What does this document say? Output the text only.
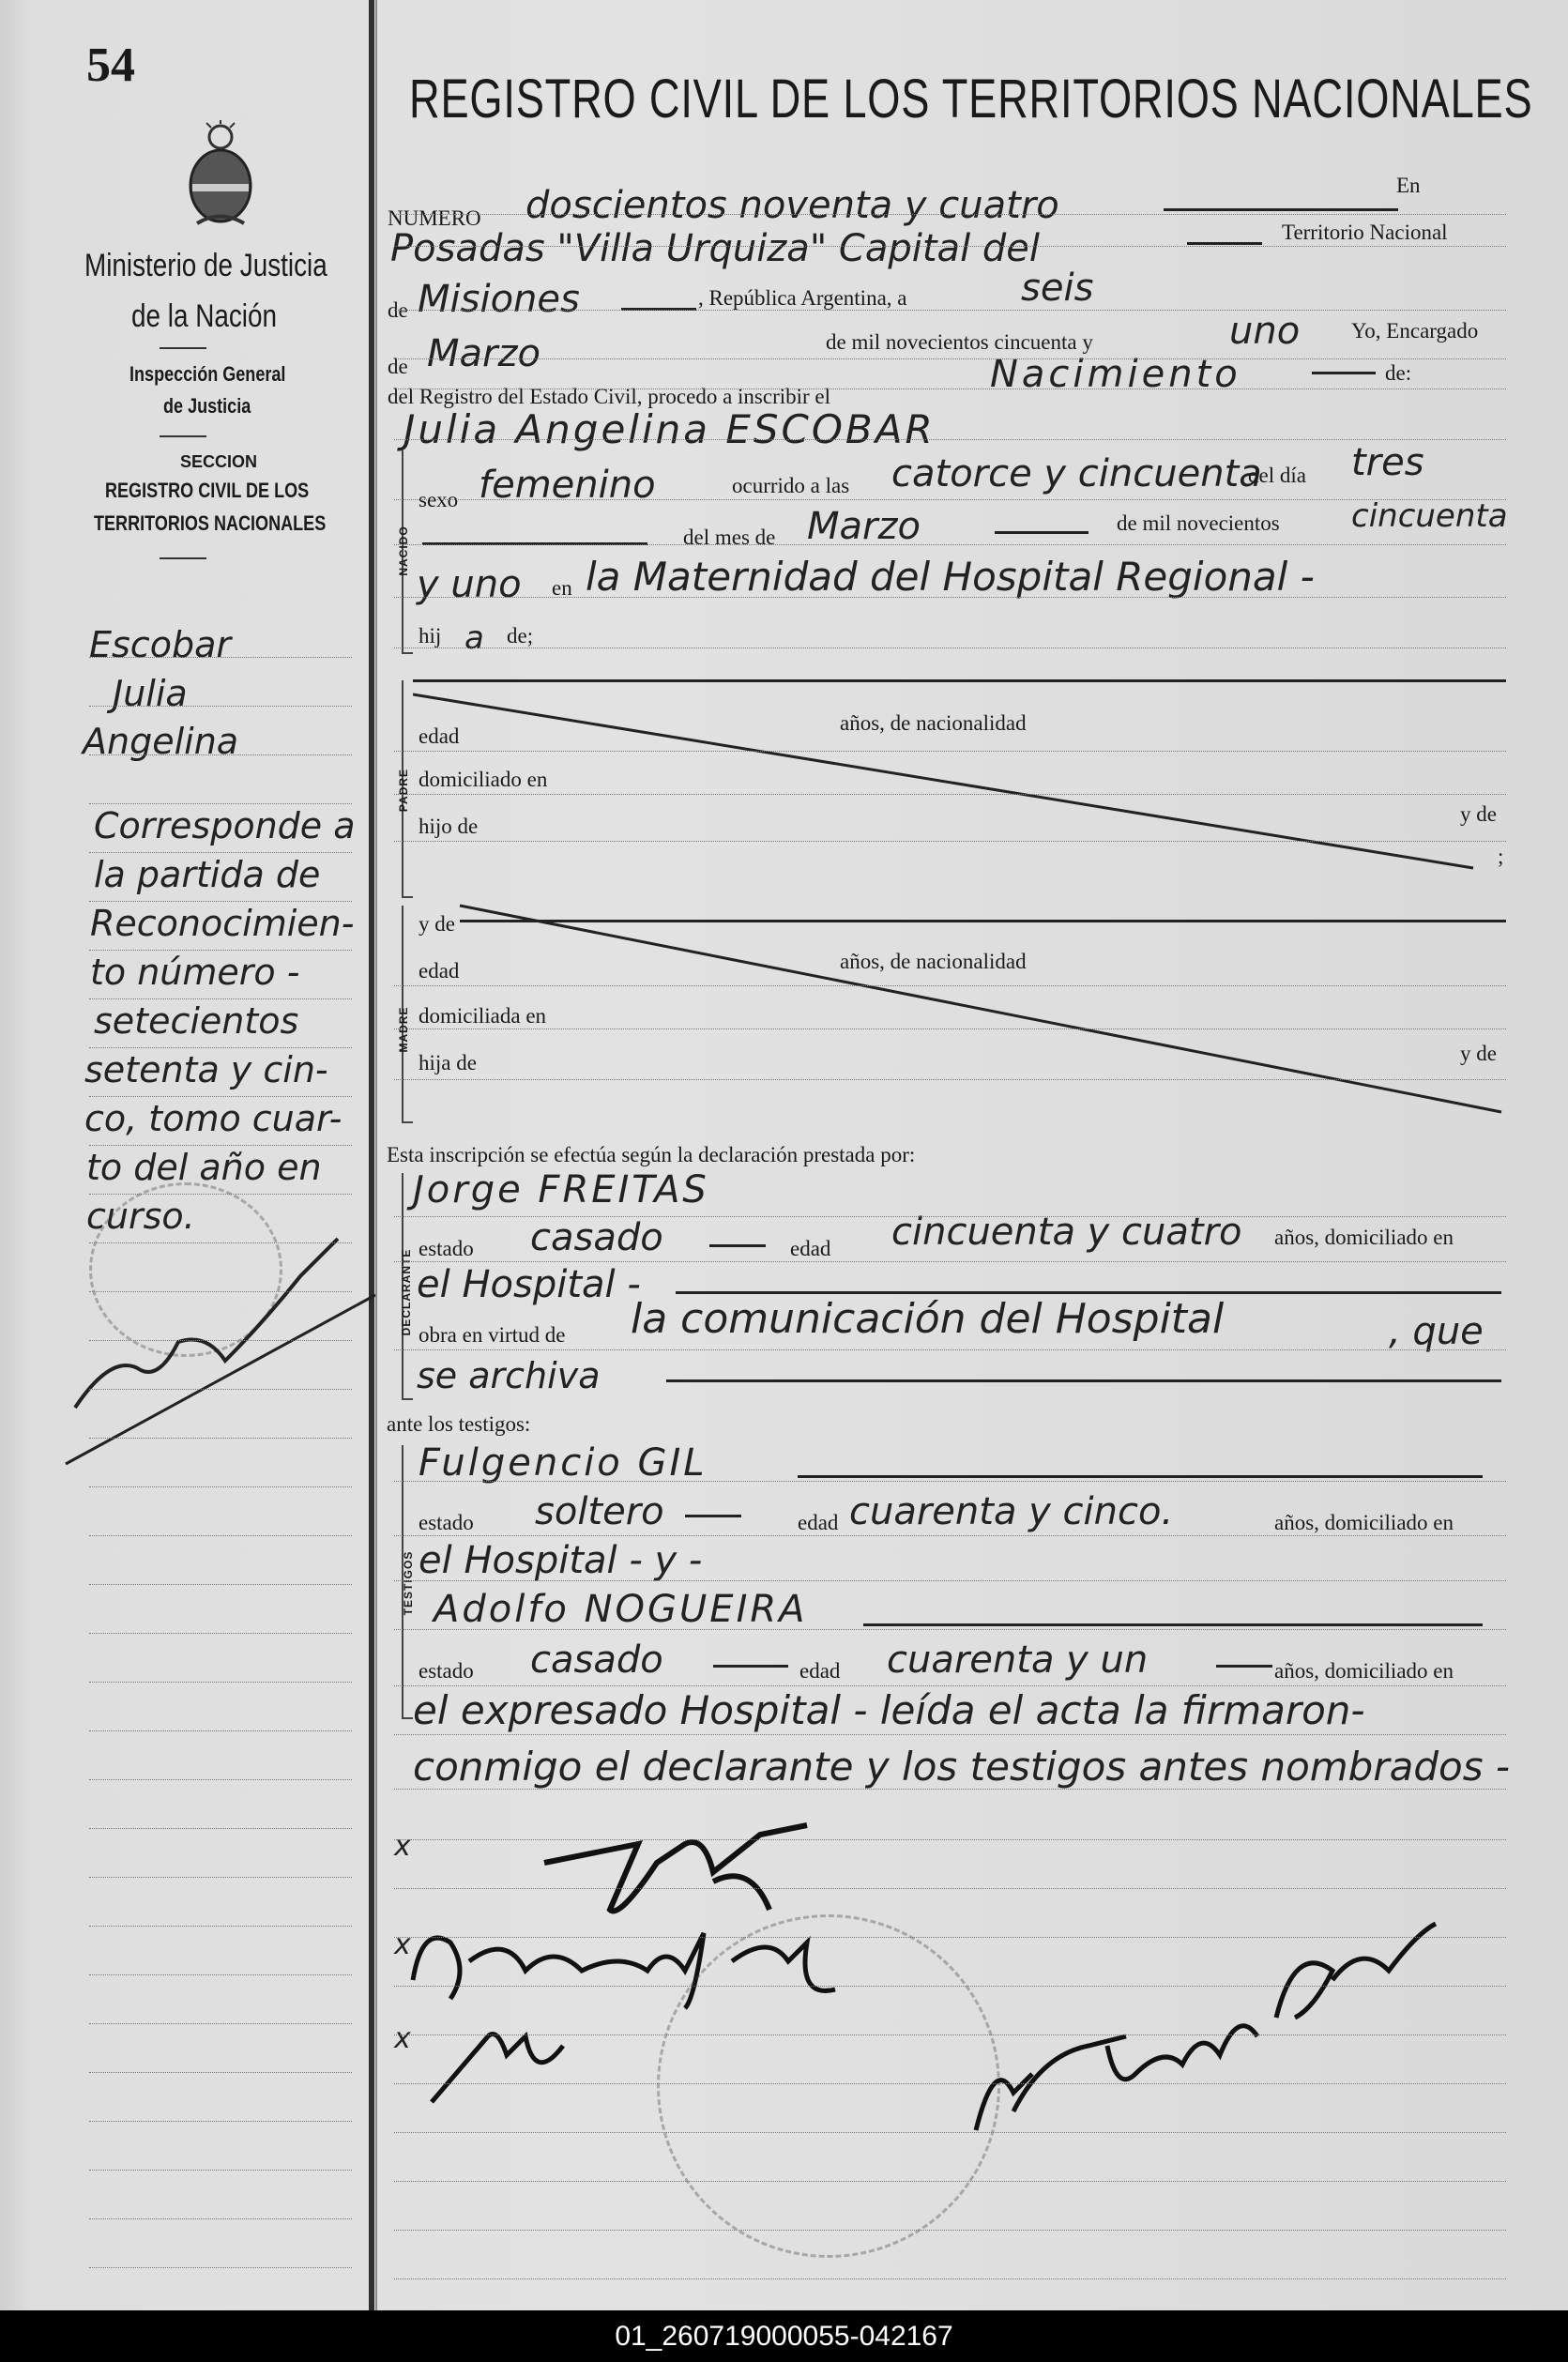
54
Ministerio de Justicia
de la Nación
Inspección General
de Justicia
SECCION
REGISTRO CIVIL DE LOS
TERRITORIOS NACIONALES
Escobar
Julia
Angelina
Corresponde a
la partida de
Reconocimien-
to número -
setecientos
setenta y cin-
co, tomo cuar-
to del año en
curso.
REGISTRO CIVIL DE LOS TERRITORIOS NACIONALES
NUMERO doscientos noventa y cuatro	En
Posadas "Villa Urquiza" Capital del	Territorio Nacional
de Misiones	, República Argentina, a	seis
de Marzo	de mil novecientos cincuenta y	uno Yo, Encargado
del Registro del Estado Civil, procedo a inscribir el
Nacimiento	de:
Julia Angelina ESCOBAR
NACIDO
sexo femenino	ocurrido a las catorce y cincuenta
del día tres
del mes de Marzo	de mil novecientos cincuenta
y uno en la Maternidad del Hospital Regional -
hij a de;
PADRE
edad
años, de nacionalidad
domiciliado en
hijo de
y de
;
MADRE
y de
edad	años, de nacionalidad
domiciliada en
hija de	y de
Esta inscripción se efectúa según la declaración prestada por:
DECLARANTE
Jorge FREITAS
estado casado	edad cincuenta y cuatro años, domiciliado en
el Hospital -
obra en virtud de la comunicación del Hospital	, que
se archiva
ante los testigos:
TESTIGOS
Fulgencio GIL
estado soltero	edad cuarenta y cinco.	años, domiciliado en
el Hospital - y -
Adolfo NOGUEIRA
estado casado	edad cuarenta y un	años, domiciliado en
el expresado Hospital - leída el acta la firmaron-
conmigo el declarante y los testigos antes nombrados -
x
x
x
01_260719000055-042167
